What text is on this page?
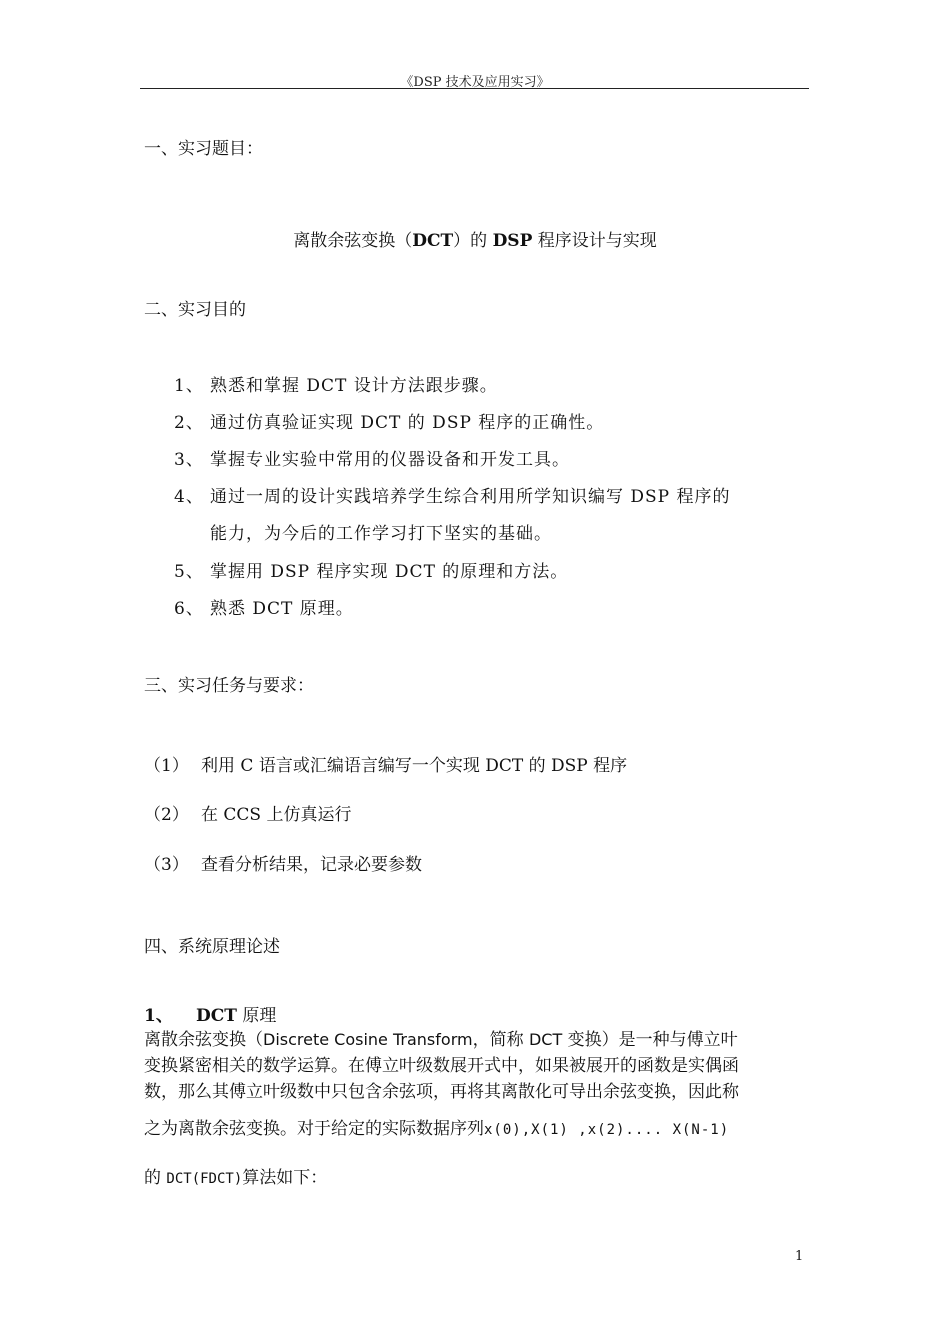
《DSP 技术及应用实习》
一、实习题目：
离散余弦变换（DCT）的 DSP 程序设计与实现
二、实习目的
1、 熟悉和掌握 DCT 设计方法跟步骤。
2、 通过仿真验证实现 DCT 的 DSP 程序的正确性。
3、 掌握专业实验中常用的仪器设备和开发工具。
4、 通过一周的设计实践培养学生综合利用所学知识编写 DSP 程序的
能力，为今后的工作学习打下坚实的基础。
5、 掌握用 DSP 程序实现 DCT 的原理和方法。
6、 熟悉 DCT 原理。
三、实习任务与要求：
（1） 利用 C 语言或汇编语言编写一个实现 DCT 的 DSP 程序
（2） 在 CCS 上仿真运行
（3） 查看分析结果，记录必要参数
四、系统原理论述
1、 DCT 原理
离散余弦变换（Discrete Cosine Transform，简称 DCT 变换）是一种与傅立叶
变换紧密相关的数学运算。在傅立叶级数展开式中，如果被展开的函数是实偶函
数，那么其傅立叶级数中只包含余弦项，再将其离散化可导出余弦变换，因此称
之为离散余弦变换。对于给定的实际数据序列x(0),X(1) ,x(2).... X(N-1)
的 DCT(FDCT)算法如下：
1
